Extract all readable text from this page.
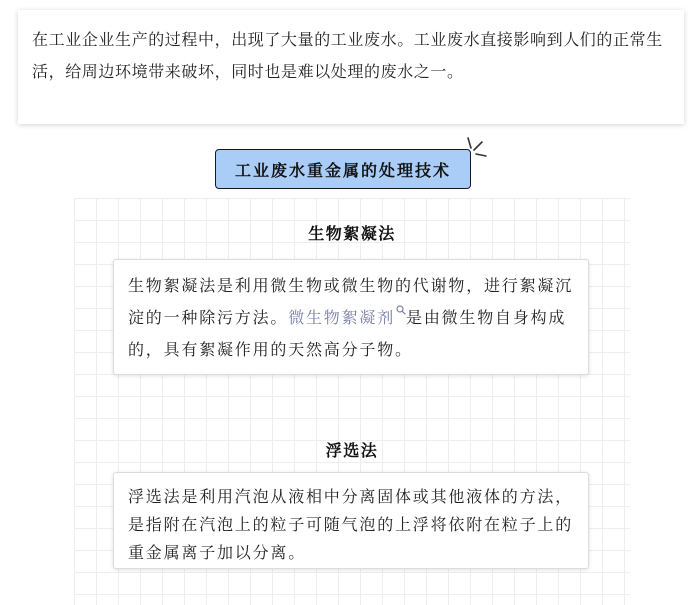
在工业企业生产的过程中，出现了大量的工业废水。工业废水直接影响到人们的正常生活，给周边环境带来破坏，同时也是难以处理的废水之一。

工业废水重金属的处理技术
生物絮凝法

生物絮凝法是利用微生物或微生物的代谢物，进行絮凝沉淀的一种除污方法。微生物絮凝剂 是由微生物自身构成的，具有絮凝作用的天然高分子物。

浮选法

浮选法是利用汽泡从液相中分离固体或其他液体的方法，是指附在汽泡上的粒子可随气泡的上浮将依附在粒子上的重金属离子加以分离。
